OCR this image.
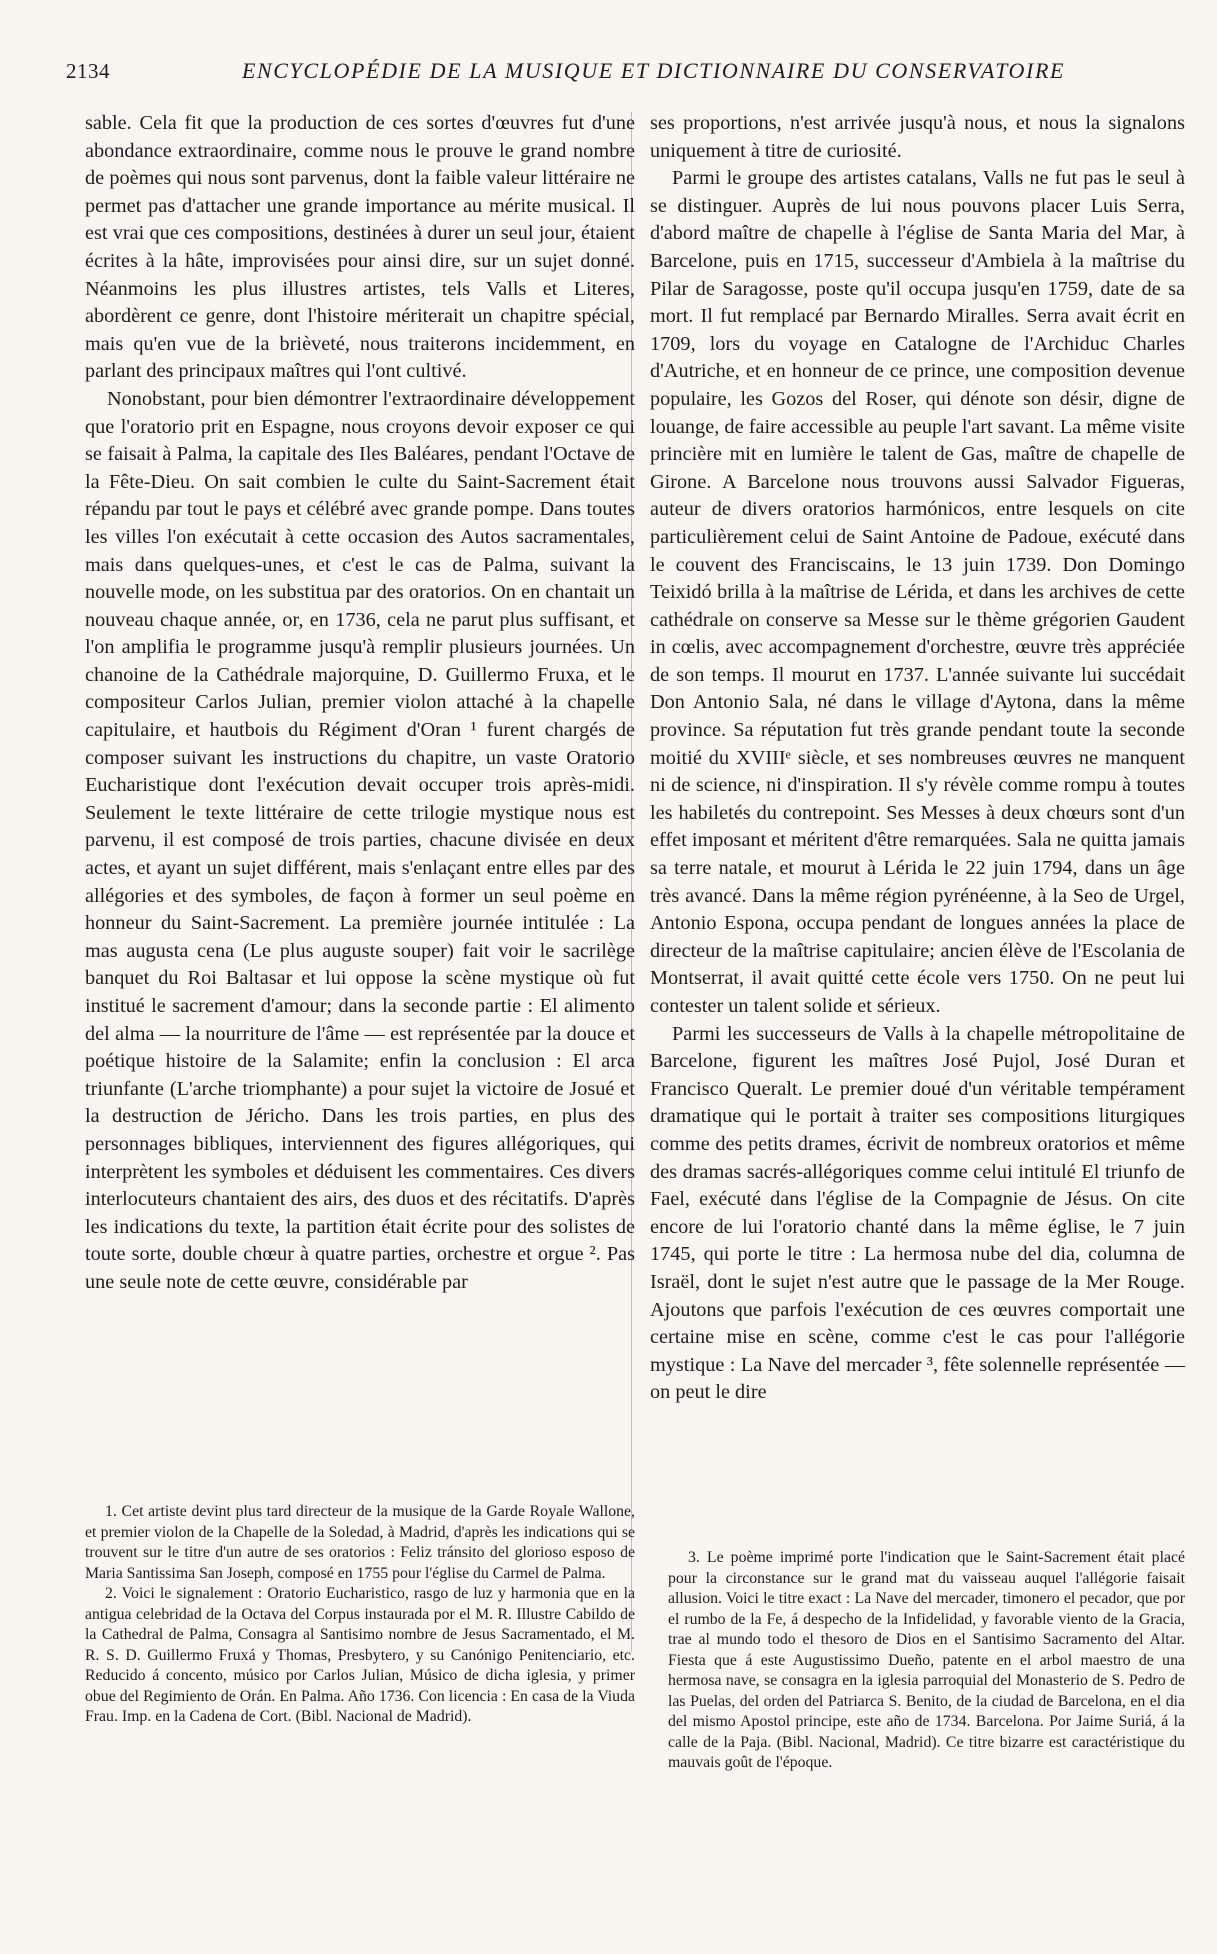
2134	ENCYCLOPÉDIE DE LA MUSIQUE ET DICTIONNAIRE DU CONSERVATOIRE

sable. Cela fit que la production de ces sortes d'œuvres fut d'une abondance extraordinaire, comme nous le prouve le grand nombre de poèmes qui nous sont parvenus, dont la faible valeur littéraire ne permet pas d'attacher une grande importance au mérite musical. Il est vrai que ces compositions, destinées à durer un seul jour, étaient écrites à la hâte, improvisées pour ainsi dire, sur un sujet donné. Néanmoins les plus illustres artistes, tels Valls et Literes, abordèrent ce genre, dont l'histoire mériterait un chapitre spécial, mais qu'en vue de la brièveté, nous traiterons incidemment, en parlant des principaux maîtres qui l'ont cultivé.

Nonobstant, pour bien démontrer l'extraordinaire développement que l'oratorio prit en Espagne, nous croyons devoir exposer ce qui se faisait à Palma, la capitale des Iles Baléares, pendant l'Octave de la Fête-Dieu. On sait combien le culte du Saint-Sacrement était répandu par tout le pays et célébré avec grande pompe. Dans toutes les villes l'on exécutait à cette occasion des Autos sacramentales, mais dans quelques-unes, et c'est le cas de Palma, suivant la nouvelle mode, on les substitua par des oratorios. On en chantait un nouveau chaque année, or, en 1736, cela ne parut plus suffisant, et l'on amplifia le programme jusqu'à remplir plusieurs journées. Un chanoine de la Cathédrale majorquine, D. Guillermo Fruxa, et le compositeur Carlos Julian, premier violon attaché à la chapelle capitulaire, et hautbois du Régiment d'Oran ¹ furent chargés de composer suivant les instructions du chapitre, un vaste Oratorio Eucharistique dont l'exécution devait occuper trois après-midi. Seulement le texte littéraire de cette trilogie mystique nous est parvenu, il est composé de trois parties, chacune divisée en deux actes, et ayant un sujet différent, mais s'enlaçant entre elles par des allégories et des symboles, de façon à former un seul poème en honneur du Saint-Sacrement. La première journée intitulée : La mas augusta cena (Le plus auguste souper) fait voir le sacrilège banquet du Roi Baltasar et lui oppose la scène mystique où fut institué le sacrement d'amour; dans la seconde partie : El alimento del alma — la nourriture de l'âme — est représentée par la douce et poétique histoire de la Salamite; enfin la conclusion : El arca triunfante (L'arche triomphante) a pour sujet la victoire de Josué et la destruction de Jéricho. Dans les trois parties, en plus des personnages bibliques, interviennent des figures allégoriques, qui interprètent les symboles et déduisent les commentaires. Ces divers interlocuteurs chantaient des airs, des duos et des récitatifs. D'après les indications du texte, la partition était écrite pour des solistes de toute sorte, double chœur à quatre parties, orchestre et orgue ². Pas une seule note de cette œuvre, considérable par

ses proportions, n'est arrivée jusqu'à nous, et nous la signalons uniquement à titre de curiosité.

Parmi le groupe des artistes catalans, Valls ne fut pas le seul à se distinguer. Auprès de lui nous pouvons placer Luis Serra, d'abord maître de chapelle à l'église de Santa Maria del Mar, à Barcelone, puis en 1715, successeur d'Ambiela à la maîtrise du Pilar de Saragosse, poste qu'il occupa jusqu'en 1759, date de sa mort. Il fut remplacé par Bernardo Miralles. Serra avait écrit en 1709, lors du voyage en Catalogne de l'Archiduc Charles d'Autriche, et en honneur de ce prince, une composition devenue populaire, les Gozos del Roser, qui dénote son désir, digne de louange, de faire accessible au peuple l'art savant. La même visite princière mit en lumière le talent de Gas, maître de chapelle de Girone. A Barcelone nous trouvons aussi Salvador Figueras, auteur de divers oratorios harmónicos, entre lesquels on cite particulièrement celui de Saint Antoine de Padoue, exécuté dans le couvent des Franciscains, le 13 juin 1739. Don Domingo Teixidó brilla à la maîtrise de Lérida, et dans les archives de cette cathédrale on conserve sa Messe sur le thème grégorien Gaudent in cœlis, avec accompagnement d'orchestre, œuvre très appréciée de son temps. Il mourut en 1737. L'année suivante lui succédait Don Antonio Sala, né dans le village d'Aytona, dans la même province. Sa réputation fut très grande pendant toute la seconde moitié du XVIIIᵉ siècle, et ses nombreuses œuvres ne manquent ni de science, ni d'inspiration. Il s'y révèle comme rompu à toutes les habiletés du contrepoint. Ses Messes à deux chœurs sont d'un effet imposant et méritent d'être remarquées. Sala ne quitta jamais sa terre natale, et mourut à Lérida le 22 juin 1794, dans un âge très avancé. Dans la même région pyrénéenne, à la Seo de Urgel, Antonio Espona, occupa pendant de longues années la place de directeur de la maîtrise capitulaire; ancien élève de l'Escolania de Montserrat, il avait quitté cette école vers 1750. On ne peut lui contester un talent solide et sérieux.

Parmi les successeurs de Valls à la chapelle métropolitaine de Barcelone, figurent les maîtres José Pujol, José Duran et Francisco Queralt. Le premier doué d'un véritable tempérament dramatique qui le portait à traiter ses compositions liturgiques comme des petits drames, écrivit de nombreux oratorios et même des dramas sacrés-allégoriques comme celui intitulé El triunfo de Fael, exécuté dans l'église de la Compagnie de Jésus. On cite encore de lui l'oratorio chanté dans la même église, le 7 juin 1745, qui porte le titre : La hermosa nube del dia, columna de Israël, dont le sujet n'est autre que le passage de la Mer Rouge. Ajoutons que parfois l'exécution de ces œuvres comportait une certaine mise en scène, comme c'est le cas pour l'allégorie mystique : La Nave del mercader ³, fête solennelle représentée — on peut le dire

1. Cet artiste devint plus tard directeur de la musique de la Garde Royale Wallone, et premier violon de la Chapelle de la Soledad, à Madrid, d'après les indications qui se trouvent sur le titre d'un autre de ses oratorios : Feliz tránsito del glorioso esposo de Maria Santissima San Joseph, composé en 1755 pour l'église du Carmel de Palma.

2. Voici le signalement : Oratorio Eucharistico, rasgo de luz y harmonia que en la antigua celebridad de la Octava del Corpus instaurada por el M. R. Illustre Cabildo de la Cathedral de Palma, Consagra al Santisimo nombre de Jesus Sacramentado, el M. R. S. D. Guillermo Fruxá y Thomas, Presbytero, y su Canónigo Penitenciario, etc. Reducido á concento, músico por Carlos Julian, Músico de dicha iglesia, y primer obue del Regimiento de Orán. En Palma. Año 1736. Con licencia : En casa de la Viuda Frau. Imp. en la Cadena de Cort. (Bibl. Nacional de Madrid).

3. Le poème imprimé porte l'indication que le Saint-Sacrement était placé pour la circonstance sur le grand mat du vaisseau auquel l'allégorie faisait allusion. Voici le titre exact : La Nave del mercader, timonero el pecador, que por el rumbo de la Fe, á despecho de la Infidelidad, y favorable viento de la Gracia, trae al mundo todo el thesoro de Dios en el Santisimo Sacramento del Altar. Fiesta que á este Augustissimo Dueño, patente en el arbol maestro de una hermosa nave, se consagra en la iglesia parroquial del Monasterio de S. Pedro de las Puelas, del orden del Patriarca S. Benito, de la ciudad de Barcelona, en el dia del mismo Apostol principe, este año de 1734. Barcelona. Por Jaime Suriá, á la calle de la Paja. (Bibl. Nacional, Madrid). Ce titre bizarre est caractéristique du mauvais goût de l'époque.
